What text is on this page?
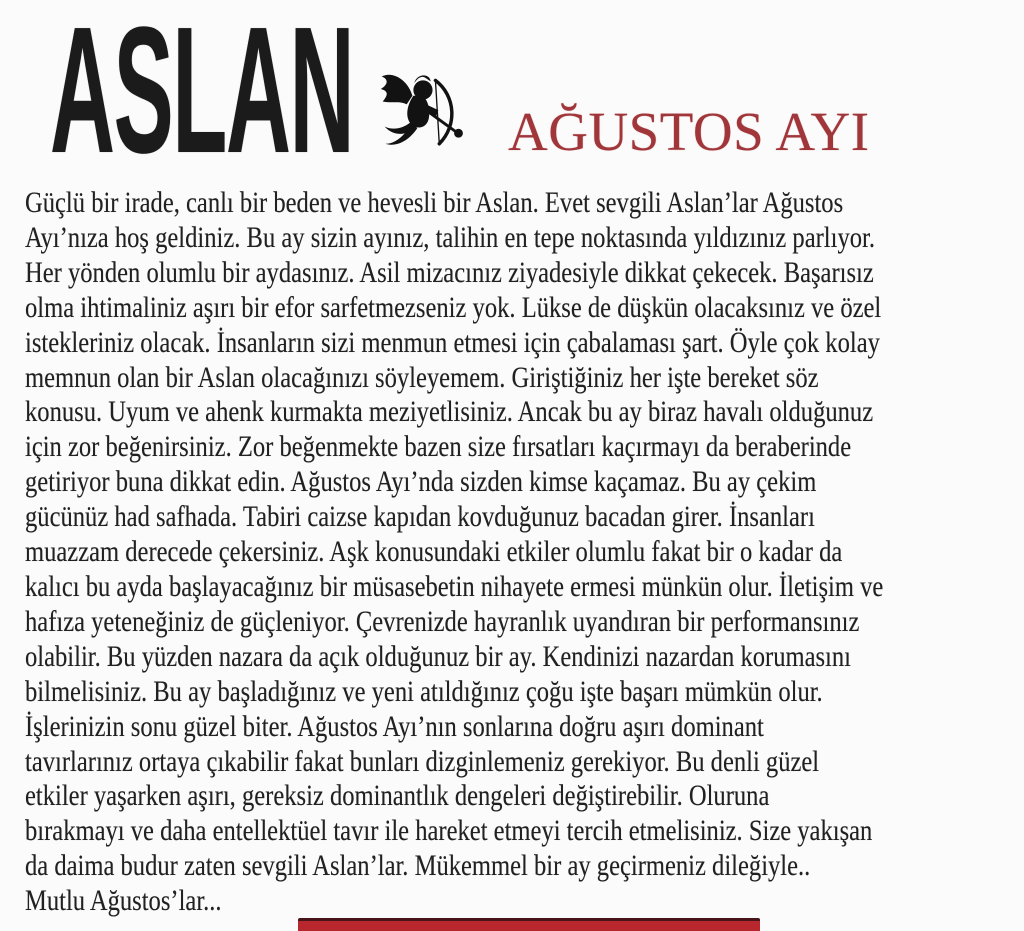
ASLAN	AĞUSTOS AYI
Güçlü bir irade, canlı bir beden ve hevesli bir Aslan. Evet sevgili Aslan’lar Ağustos
Ayı’nıza hoş geldiniz. Bu ay sizin ayınız, talihin en tepe noktasında yıldızınız parlıyor.
Her yönden olumlu bir aydasınız. Asil mizacınız ziyadesiyle dikkat çekecek. Başarısız
olma ihtimaliniz aşırı bir efor sarfetmezseniz yok. Lükse de düşkün olacaksınız ve özel
istekleriniz olacak. İnsanların sizi menmun etmesi için çabalaması şart. Öyle çok kolay
memnun olan bir Aslan olacağınızı söyleyemem. Giriştiğiniz her işte bereket söz
konusu. Uyum ve ahenk kurmakta meziyetlisiniz. Ancak bu ay biraz havalı olduğunuz
için zor beğenirsiniz. Zor beğenmekte bazen size fırsatları kaçırmayı da beraberinde
getiriyor buna dikkat edin. Ağustos Ayı’nda sizden kimse kaçamaz. Bu ay çekim
gücünüz had safhada. Tabiri caizse kapıdan kovduğunuz bacadan girer. İnsanları
muazzam derecede çekersiniz. Aşk konusundaki etkiler olumlu fakat bir o kadar da
kalıcı bu ayda başlayacağınız bir müsasebetin nihayete ermesi münkün olur. İletişim ve
hafıza yeteneğiniz de güçleniyor. Çevrenizde hayranlık uyandıran bir performansınız
olabilir. Bu yüzden nazara da açık olduğunuz bir ay. Kendinizi nazardan korumasını
bilmelisiniz. Bu ay başladığınız ve yeni atıldığınız çoğu işte başarı mümkün olur.
İşlerinizin sonu güzel biter. Ağustos Ayı’nın sonlarına doğru aşırı dominant
tavırlarınız ortaya çıkabilir fakat bunları dizginlemeniz gerekiyor. Bu denli güzel
etkiler yaşarken aşırı, gereksiz dominantlık dengeleri değiştirebilir. Oluruna
bırakmayı ve daha entellektüel tavır ile hareket etmeyi tercih etmelisiniz. Size yakışan
da daima budur zaten sevgili Aslan’lar. Mükemmel bir ay geçirmeniz dileğiyle..
Mutlu Ağustos’lar...
